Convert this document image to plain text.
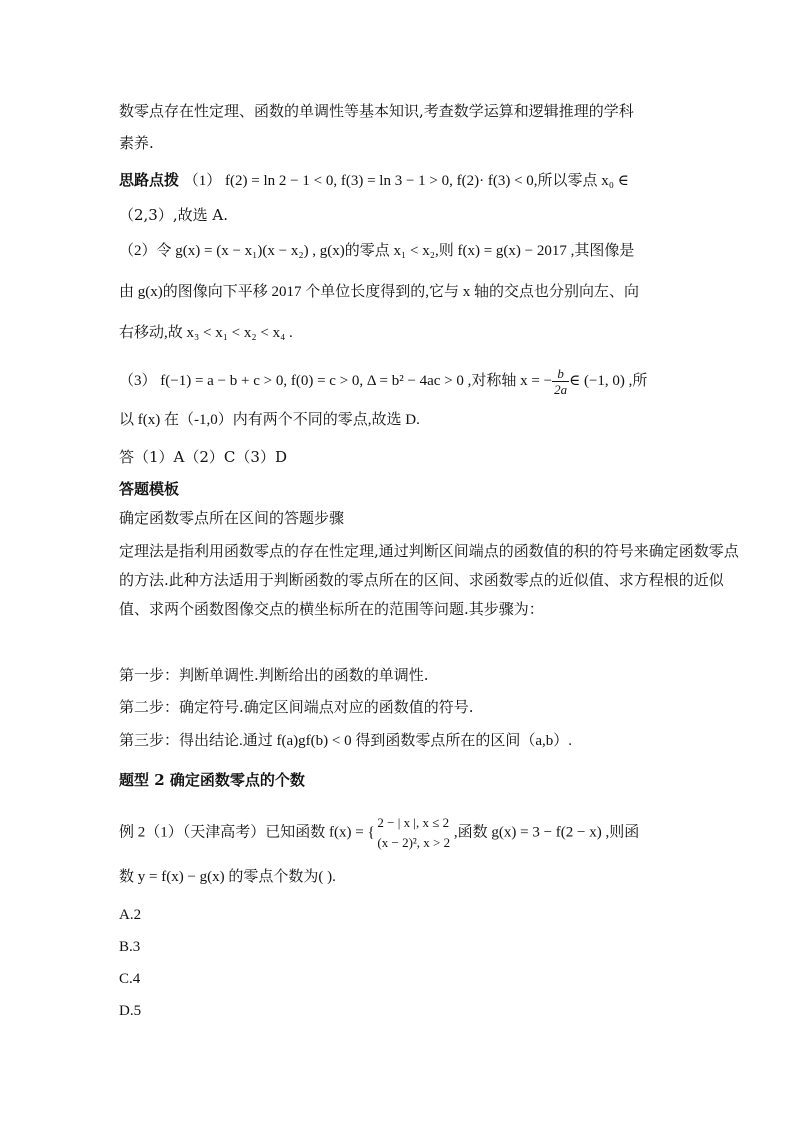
数零点存在性定理、函数的单调性等基本知识,考查数学运算和逻辑推理的学科
素养.
思路点拨 （1） f(2) = ln 2 − 1 < 0, f(3) = ln 3 − 1 > 0, f(2)· f(3) < 0,所以零点 x₀ ∈
（2,3）,故选 A.
（2）令 g(x) = (x − x₁)(x − x₂) , g(x)的零点 x₁ < x₂,则 f(x) = g(x) − 2017 ,其图像是
由 g(x)的图像向下平移 2017 个单位长度得到的,它与 x 轴的交点也分别向左、向
右移动,故 x₃ < x₁ < x₂ < x₄ .
（3） f(−1) = a − b + c > 0, f(0) = c > 0, Δ = b² − 4ac > 0 ,对称轴 x = − $\frac{b}{2a}$ ∈ (−1, 0) ,所
以 f(x) 在（-1,0）内有两个不同的零点,故选 D.
答（1）A（2）C（3）D
答题模板
确定函数零点所在区间的答题步骤
定理法是指利用函数零点的存在性定理,通过判断区间端点的函数值的积的符号来确定函数零点的方法.此种方法适用于判断函数的零点所在的区间、求函数零点的近似值、求方程根的近似值、求两个函数图像交点的横坐标所在的范围等问题.其步骤为：
第一步：判断单调性.判断给出的函数的单调性.
第二步：确定符号.确定区间端点对应的函数值的符号.
第三步：得出结论.通过 f(a)gf(b) < 0 得到函数零点所在的区间（a,b）.
题型 2 确定函数零点的个数
例 2（1）（天津高考）已知函数 f(x) = {
2 − | x |, x ≤ 2
(x − 2)², x > 2
,函数 g(x) = 3 − f(2 − x) ,则函
数 y = f(x) − g(x) 的零点个数为( ).
A.2
B.3
C.4
D.5
